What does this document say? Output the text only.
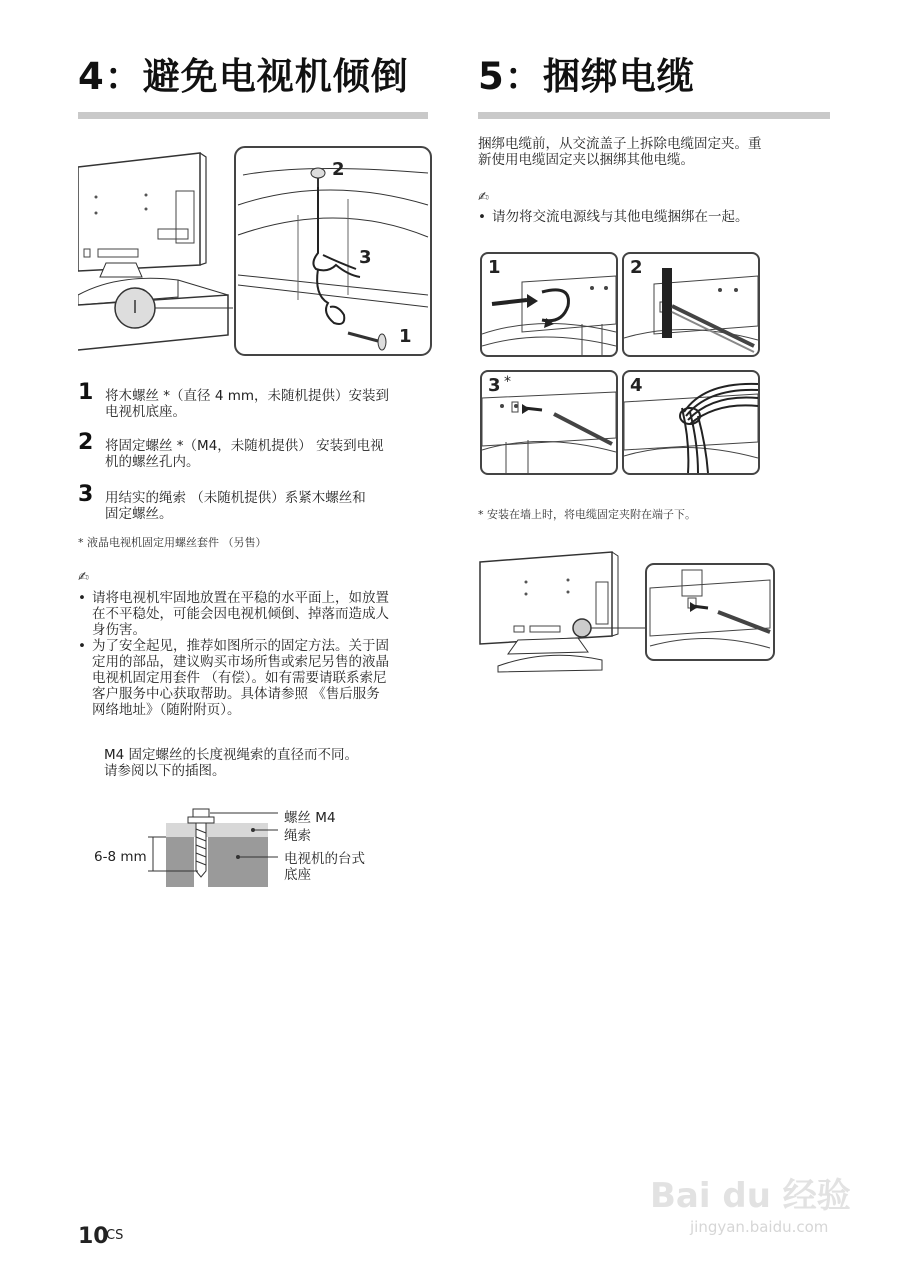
4：避免电视机倾倒
2
3
1
1 将木螺丝 *（直径 4 mm，未随机提供）安装到
电视机底座。
2 将固定螺丝 *（M4，未随机提供） 安装到电视
机的螺丝孔内。
3 用结实的绳索 （未随机提供）系紧木螺丝和
固定螺丝。
* 液晶电视机固定用螺丝套件 （另售）
✍
• 请将电视机牢固地放置在平稳的水平面上，如放置
在不平稳处，可能会因电视机倾倒、掉落而造成人
身伤害。
• 为了安全起见，推荐如图所示的固定方法。关于固
定用的部品，建议购买市场所售或索尼另售的液晶
电视机固定用套件 （有偿）。如有需要请联系索尼
客户服务中心获取帮助。具体请参照 《售后服务
网络地址》（随附附页）。
M4 固定螺丝的长度视绳索的直径而不同。
请参阅以下的插图。
6-8 mm
螺丝 M4
绳索
电视机的台式
底座
5：捆绑电缆
捆绑电缆前，从交流盖子上拆除电缆固定夹。重
新使用电缆固定夹以捆绑其他电缆。
✍
• 请勿将交流电源线与其他电缆捆绑在一起。
1	2
3 *	4
* 安装在墙上时，将电缆固定夹附在端子下。
10
CS
Bai du 经验
jingyan.baidu.com
